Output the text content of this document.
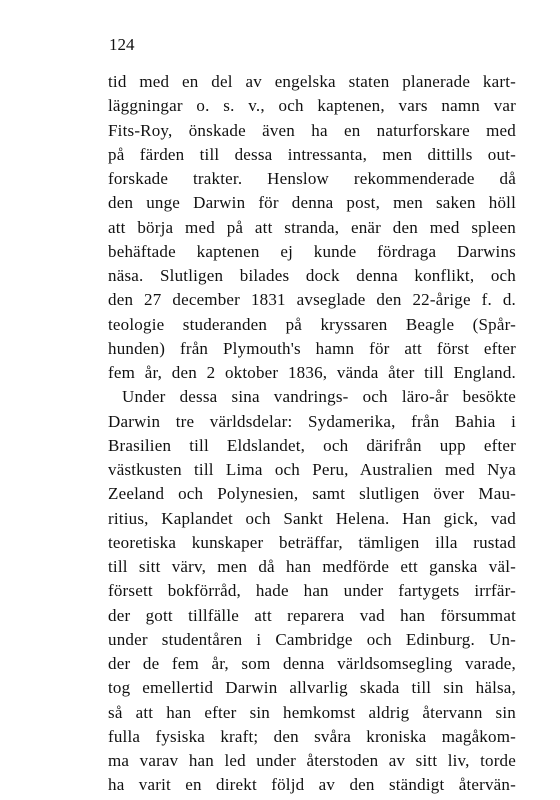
124
tid med en del av engelska staten planerade kart-
läggningar o. s. v., och kaptenen, vars namn var
Fits-Roy, önskade även ha en naturforskare med
på färden till dessa intressanta, men dittills out-
forskade trakter. Henslow rekommenderade då
den unge Darwin för denna post, men saken höll
att börja med på att stranda, enär den med spleen
behäftade kaptenen ej kunde fördraga Darwins
näsa. Slutligen bilades dock denna konflikt, och
den 27 december 1831 avseglade den 22-årige f. d.
teologie studeranden på kryssaren Beagle (Spår-
hunden) från Plymouth's hamn för att först efter
fem år, den 2 oktober 1836, vända åter till England.
Under dessa sina vandrings- och läro-år besökte
Darwin tre världsdelar: Sydamerika, från Bahia i
Brasilien till Eldslandet, och därifrån upp efter
västkusten till Lima och Peru, Australien med Nya
Zeeland och Polynesien, samt slutligen över Mau-
ritius, Kaplandet och Sankt Helena. Han gick, vad
teoretiska kunskaper beträffar, tämligen illa rustad
till sitt värv, men då han medförde ett ganska väl-
försett bokförråd, hade han under fartygets irrfär-
der gott tillfälle att reparera vad han försummat
under studentåren i Cambridge och Edinburg. Un-
der de fem år, som denna världsomsegling varade,
tog emellertid Darwin allvarlig skada till sin hälsa,
så att han efter sin hemkomst aldrig återvann sin
fulla fysiska kraft; den svåra kroniska magåkom-
ma varav han led under återstoden av sitt liv, torde
ha varit en direkt följd av den ständigt återvän-
